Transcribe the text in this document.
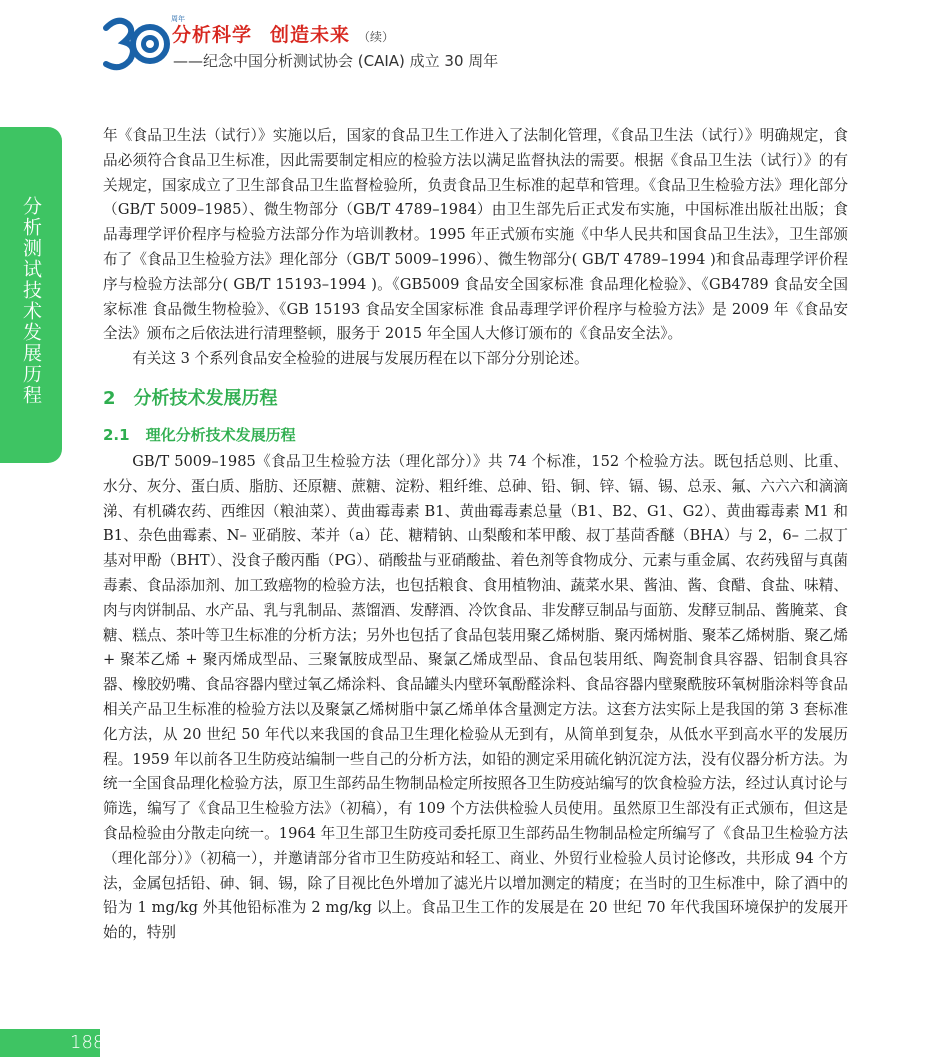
周年
分析科学 创造未来 （续）
——纪念中国分析测试协会 (CAIA) 成立 30 周年
分析测试技术发展历程

年《食品卫生法（试行）》实施以后，国家的食品卫生工作进入了法制化管理，《食品卫生法（试行）》明确规定，食品必须符合食品卫生标准，因此需要制定相应的检验方法以满足监督执法的需要。根据《食品卫生法（试行）》的有关规定，国家成立了卫生部食品卫生监督检验所，负责食品卫生标准的起草和管理。《食品卫生检验方法》理化部分（GB/T 5009–1985）、微生物部分（GB/T 4789–1984）由卫生部先后正式发布实施，中国标准出版社出版；食品毒理学评价程序与检验方法部分作为培训教材。1995 年正式颁布实施《中华人民共和国食品卫生法》，卫生部颁布了《食品卫生检验方法》理化部分（GB/T 5009–1996）、微生物部分( GB/T 4789–1994 )和食品毒理学评价程序与检验方法部分( GB/T 15193–1994 )。《GB5009 食品安全国家标准 食品理化检验》、《GB4789 食品安全国家标准 食品微生物检验》、《GB 15193 食品安全国家标准 食品毒理学评价程序与检验方法》是 2009 年《食品安全法》颁布之后依法进行清理整顿，服务于 2015 年全国人大修订颁布的《食品安全法》。

有关这 3 个系列食品安全检验的进展与发展历程在以下部分分别论述。

2 分析技术发展历程
2.1 理化分析技术发展历程

GB/T 5009–1985《食品卫生检验方法（理化部分）》共 74 个标准，152 个检验方法。既包括总则、比重、水分、灰分、蛋白质、脂肪、还原糖、蔗糖、淀粉、粗纤维、总砷、铅、铜、锌、镉、锡、总汞、氟、六六六和滴滴涕、有机磷农药、西维因（粮油菜）、黄曲霉毒素 B1、黄曲霉毒素总量（B1、B2、G1、G2）、黄曲霉毒素 M1 和 B1、杂色曲霉素、N– 亚硝胺、苯并（a）芘、糖精钠、山梨酸和苯甲酸、叔丁基茴香醚（BHA）与 2，6– 二叔丁基对甲酚（BHT）、没食子酸丙酯（PG）、硝酸盐与亚硝酸盐、着色剂等食物成分、元素与重金属、农药残留与真菌毒素、食品添加剂、加工致癌物的检验方法，也包括粮食、食用植物油、蔬菜水果、酱油、酱、食醋、食盐、味精、肉与肉饼制品、水产品、乳与乳制品、蒸馏酒、发酵酒、冷饮食品、非发酵豆制品与面筋、发酵豆制品、酱腌菜、食糖、糕点、茶叶等卫生标准的分析方法；另外也包括了食品包装用聚乙烯树脂、聚丙烯树脂、聚苯乙烯树脂、聚乙烯 + 聚苯乙烯 + 聚丙烯成型品、三聚氰胺成型品、聚氯乙烯成型品、食品包装用纸、陶瓷制食具容器、铝制食具容器、橡胶奶嘴、食品容器内壁过氧乙烯涂料、食品罐头内壁环氧酚醛涂料、食品容器内壁聚酰胺环氧树脂涂料等食品相关产品卫生标准的检验方法以及聚氯乙烯树脂中氯乙烯单体含量测定方法。这套方法实际上是我国的第 3 套标准化方法，从 20 世纪 50 年代以来我国的食品卫生理化检验从无到有，从简单到复杂，从低水平到高水平的发展历程。1959 年以前各卫生防疫站编制一些自己的分析方法，如铅的测定采用硫化钠沉淀方法，没有仪器分析方法。为统一全国食品理化检验方法，原卫生部药品生物制品检定所按照各卫生防疫站编写的饮食检验方法，经过认真讨论与筛选，编写了《食品卫生检验方法》（初稿），有 109 个方法供检验人员使用。虽然原卫生部没有正式颁布，但这是食品检验由分散走向统一。1964 年卫生部卫生防疫司委托原卫生部药品生物制品检定所编写了《食品卫生检验方法（理化部分）》（初稿一），并邀请部分省市卫生防疫站和轻工、商业、外贸行业检验人员讨论修改，共形成 94 个方法，金属包括铅、砷、铜、锡，除了目视比色外增加了滤光片以增加测定的精度；在当时的卫生标准中，除了酒中的铅为 1 mg/kg 外其他铅标准为 2 mg/kg 以上。食品卫生工作的发展是在 20 世纪 70 年代我国环境保护的发展开始的，特别

188
